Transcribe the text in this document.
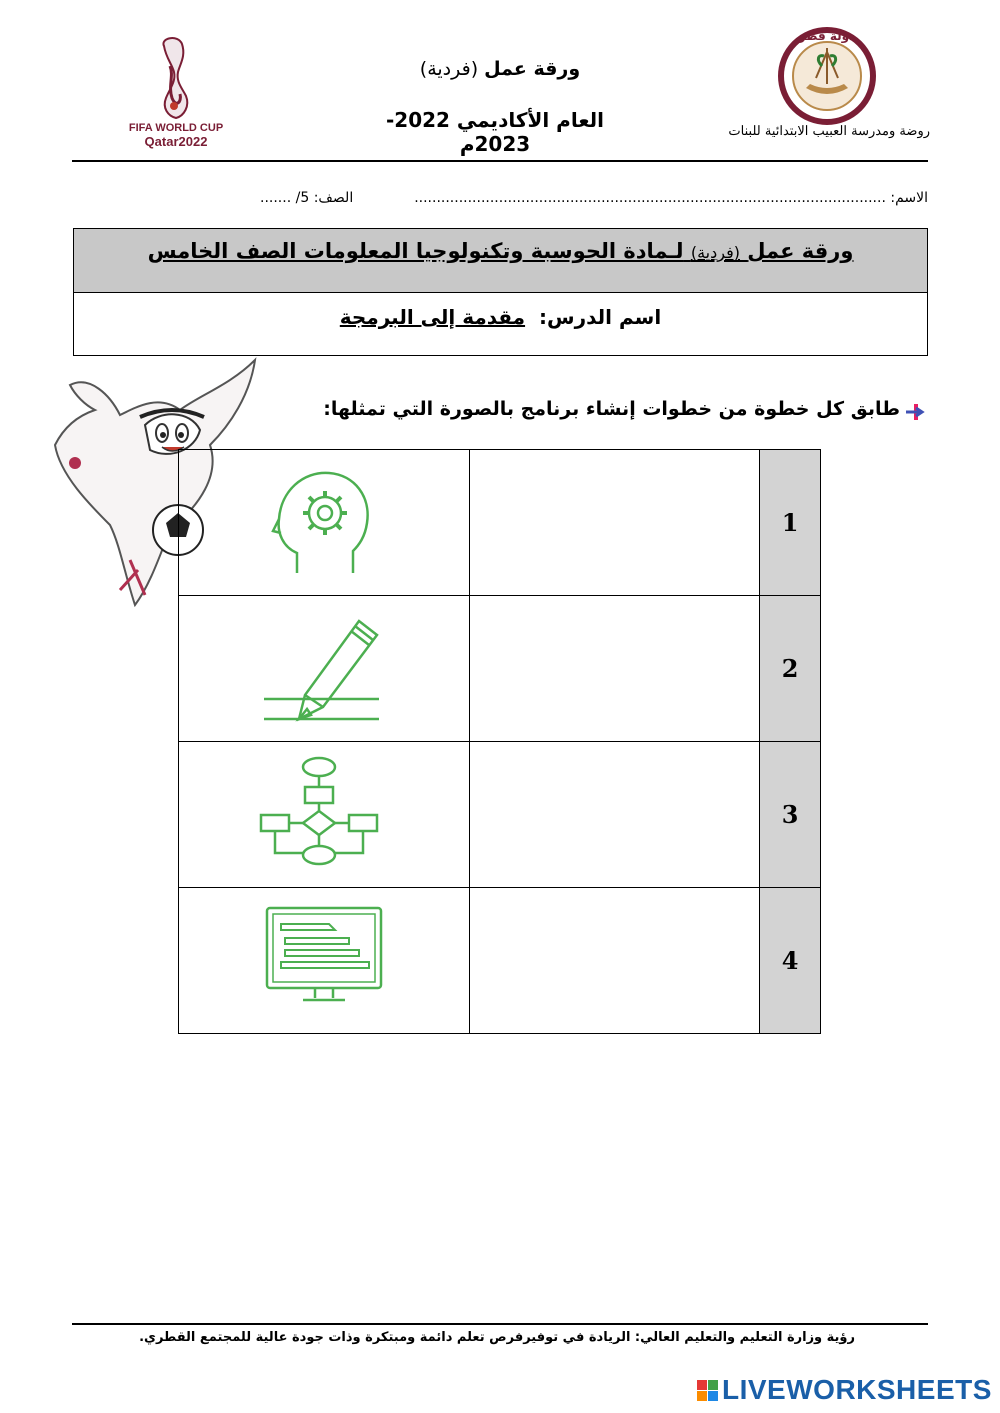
FIFA WORLD CUP
Qatar2022
ورقة عمل (فردية)
العام الأكاديمي 2022-2023م
دولة قطر
روضة ومدرسة العبيب الابتدائية للبنات
الاسم: ..........................................................................................................
الصف: 5/ .......
ورقة عمل (فردية) لـمادة الحوسبة وتكنولوجيا المعلومات الصف الخامس
اسم الدرس:  مقدمة إلى البرمجة
طابق كل خطوة من خطوات إنشاء برنامج بالصورة التي تمثلها:
		1
		2
		3
		4
رؤية وزارة التعليم والتعليم العالي: الريادة في توفيرفرص تعلم دائمة ومبتكرة وذات جودة عالية للمجتمع القطري.
LIVEWORKSHEETS
